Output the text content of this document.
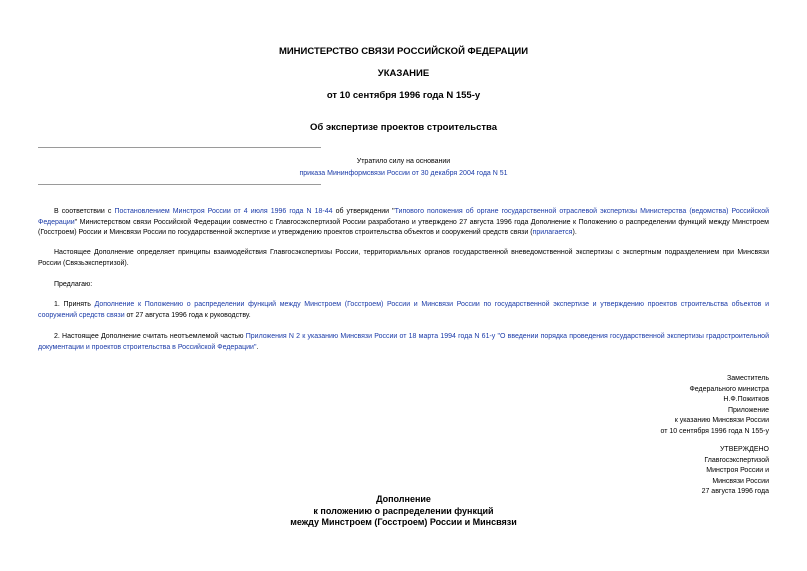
МИНИСТЕРСТВО СВЯЗИ РОССИЙСКОЙ ФЕДЕРАЦИИ
УКАЗАНИЕ
от 10 сентября 1996 года N 155-у
Об экспертизе проектов строительства
Утратило силу на основании
приказа Мининформсвязи России от 30 декабря 2004 года N 51
В соответствии с Постановлением Минстроя России от 4 июля 1996 года N 18-44 об утверждении "Типового положения об органе государственной отраслевой экспертизы Министерства (ведомства) Российской Федерации" Министерством связи Российской Федерации совместно с Главгосэкспертизой России разработано и утверждено 27 августа 1996 года Дополнение к Положению о распределении функций между Минстроем (Госстроем) России и Минсвязи России по государственной экспертизе и утверждению проектов строительства объектов и сооружений средств связи (прилагается).
Настоящее Дополнение определяет принципы взаимодействия Главгосэкспертизы России, территориальных органов государственной вневедомственной экспертизы с экспертным подразделением при Минсвязи России (Связьэкспертизой).
Предлагаю:
1. Принять Дополнение к Положению о распределении функций между Минстроем (Госстроем) России и Минсвязи России по государственной экспертизе и утверждению проектов строительства объектов и сооружений средств связи от 27 августа 1996 года к руководству.
2. Настоящее Дополнение считать неотъемлемой частью Приложения N 2 к указанию Минсвязи России от 18 марта 1994 года N 61-у "О введении порядка проведения государственной экспертизы градостроительной документации и проектов строительства в Российской Федерации".
Заместитель
Федерального министра
Н.Ф.Пожитков
Приложение
к указанию Минсвязи России
от 10 сентября 1996 года N 155-у
УТВЕРЖДЕНО
Главгосэкспертизой
Минстроя России и
Минсвязи России
27 августа 1996 года
Дополнение
к положению о распределении функций
между Минстроем (Госстроем) России и Минсвязи
